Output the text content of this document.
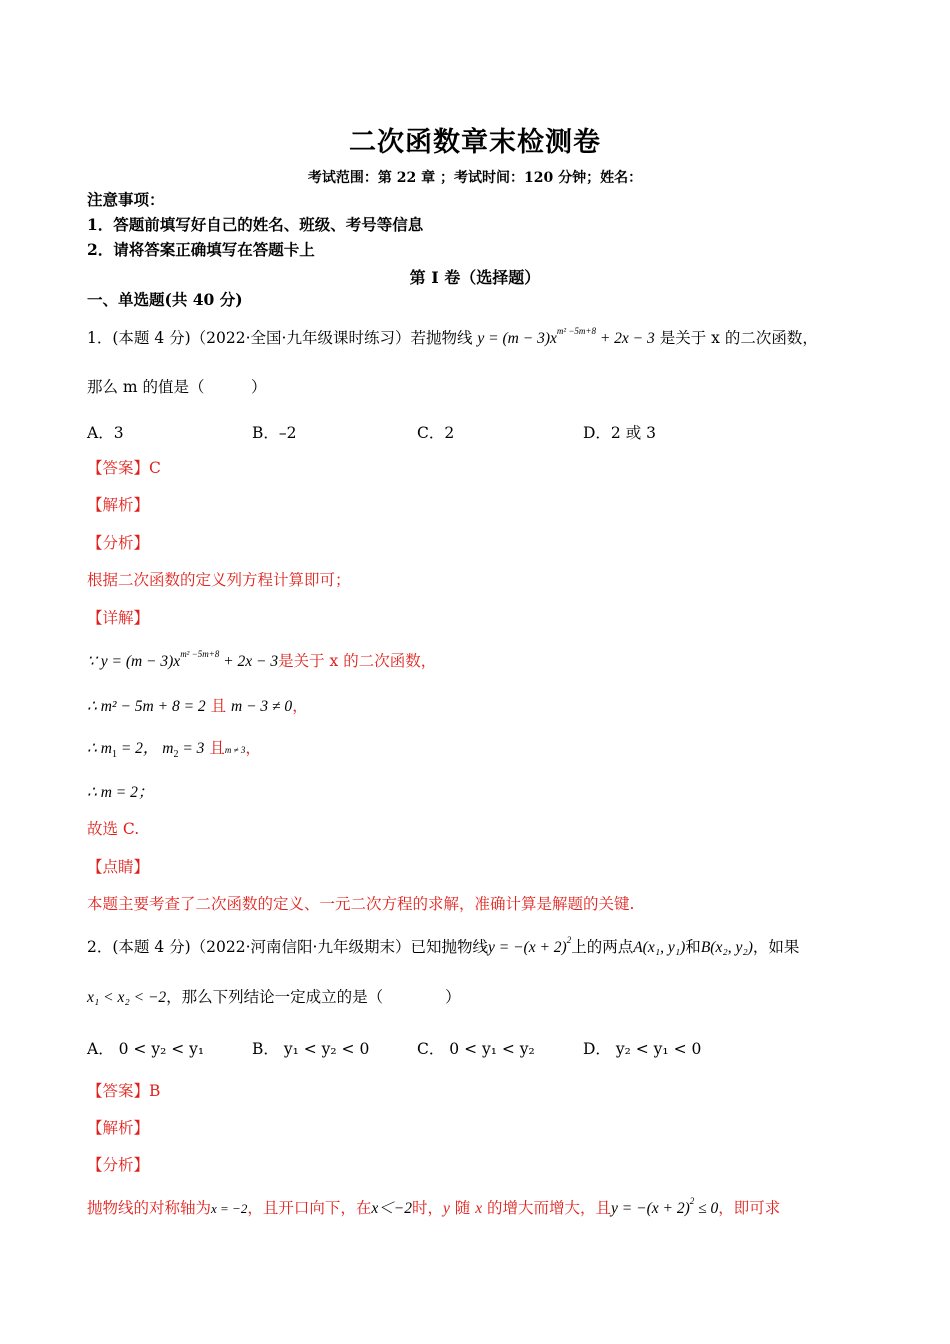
二次函数章末检测卷
考试范围：第 22 章 ；考试时间：120 分钟；姓名：
注意事项：
1．答题前填写好自己的姓名、班级、考号等信息
2．请将答案正确填写在答题卡上
第 I 卷（选择题）
一、单选题(共 40 分)
1．(本题 4 分)（2022·全国·九年级课时练习）若抛物线 $y = (m - 3)x^{m^2 -5m+8} + 2x - 3$ 是关于 x 的二次函数，
那么 m 的值是（　　　）
A．3	B．–2	C．2	D．2 或 3
【答案】C
【解析】
【分析】
根据二次函数的定义列方程计算即可；
【详解】
∵ $y = (m - 3)x^{m^2 -5m+8} + 2x - 3$是关于 x 的二次函数，
∴ m² − 5m + 8 = 2 且 m − 3 ≠ 0，
∴ $m_1 = 2$， $m_2 = 3$ 且m ≠ 3，
∴ m = 2；
故选 C.
【点睛】
本题主要考查了二次函数的定义、一元二次方程的求解，准确计算是解题的关键.
2．(本题 4 分)（2022·河南信阳·九年级期末）已知抛物线$y = -(x + 2)^2$上的两点A(x₁, y₁)和B(x₂, y₂)，如果
x₁ < x₂ < −2，那么下列结论一定成立的是（　　　　）
A． 0 < y₂ < y₁	B． y₁ < y₂ < 0	C． 0 < y₁ < y₂	D． y₂ < y₁ < 0
【答案】B
【解析】
【分析】
抛物线的对称轴为x = −2，且开口向下，在x＜−2时，y 随 x 的增大而增大，且$y = -(x + 2)^2 \le 0$，即可求
